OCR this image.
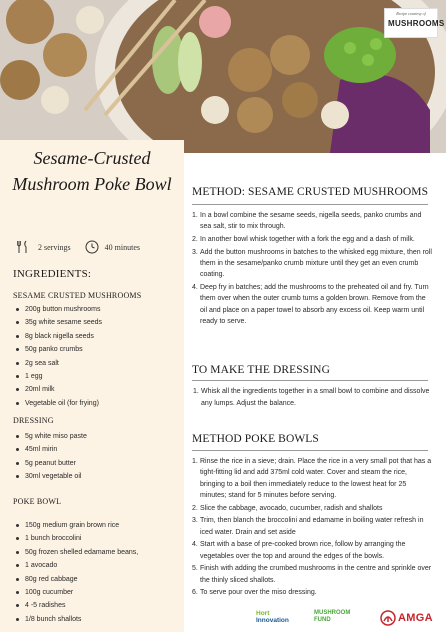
Recipe courtesy of
MUSHROOMS
Sesame-Crusted
Mushroom Poke Bowl
2 servings	40 minutes
INGREDIENTS:
SESAME CRUSTED MUSHROOMS
200g button mushrooms
35g white sesame seeds
8g black nigella seeds
50g panko crumbs
2g sea salt
1 egg
20ml milk
Vegetable oil (for frying)
DRESSING
5g white miso paste
45ml mirin
5g peanut butter
30ml vegetable oil
POKE BOWL
150g medium grain brown rice
1 bunch broccolini
50g frozen shelled edamame beans,
1 avocado
80g red cabbage
100g cucumber
4 -5 radishes
1/8 bunch shallots
METHOD: SESAME CRUSTED MUSHROOMS
1. In a bowl combine the sesame seeds, nigella seeds, panko crumbs and sea salt, stir to mix through.
2. In another bowl whisk together with a fork the egg and a dash of milk.
3. Add the button mushrooms in batches to the whisked egg mixture, then roll them in the sesame/panko crumb mixture until they get an even crumb coating.
4. Deep fry in batches; add the mushrooms to the preheated oil and fry. Turn them over when the outer crumb turns a golden brown. Remove from the oil and place on a paper towel to absorb any excess oil. Keep warm until ready to serve.
TO MAKE THE DRESSING
1. Whisk all the ingredients together in a small bowl to combine and dissolve any lumps. Adjust the balance.
METHOD POKE BOWLS
1. Rinse the rice in a sieve; drain. Place the rice in a very small pot that has a tight-fitting lid and add 375ml cold water. Cover and steam the rice, bringing to a boil then immediately reduce to the lowest heat for 25 minutes; stand for 5 minutes before serving.
2. Slice the cabbage, avocado, cucumber, radish and shallots
3. Trim, then blanch the broccolini and edamame in boiling water refresh in iced water. Drain and set aside
4. Start with a base of pre-cooked brown rice, follow by arranging the vegetables over the top and around the edges of the bowls.
5. Finish with adding the crumbed mushrooms in the centre and sprinkle over the thinly sliced shallots.
6. To serve pour over the miso dressing.
Hort
Innovation
MUSHROOM
FUND	AMGA
